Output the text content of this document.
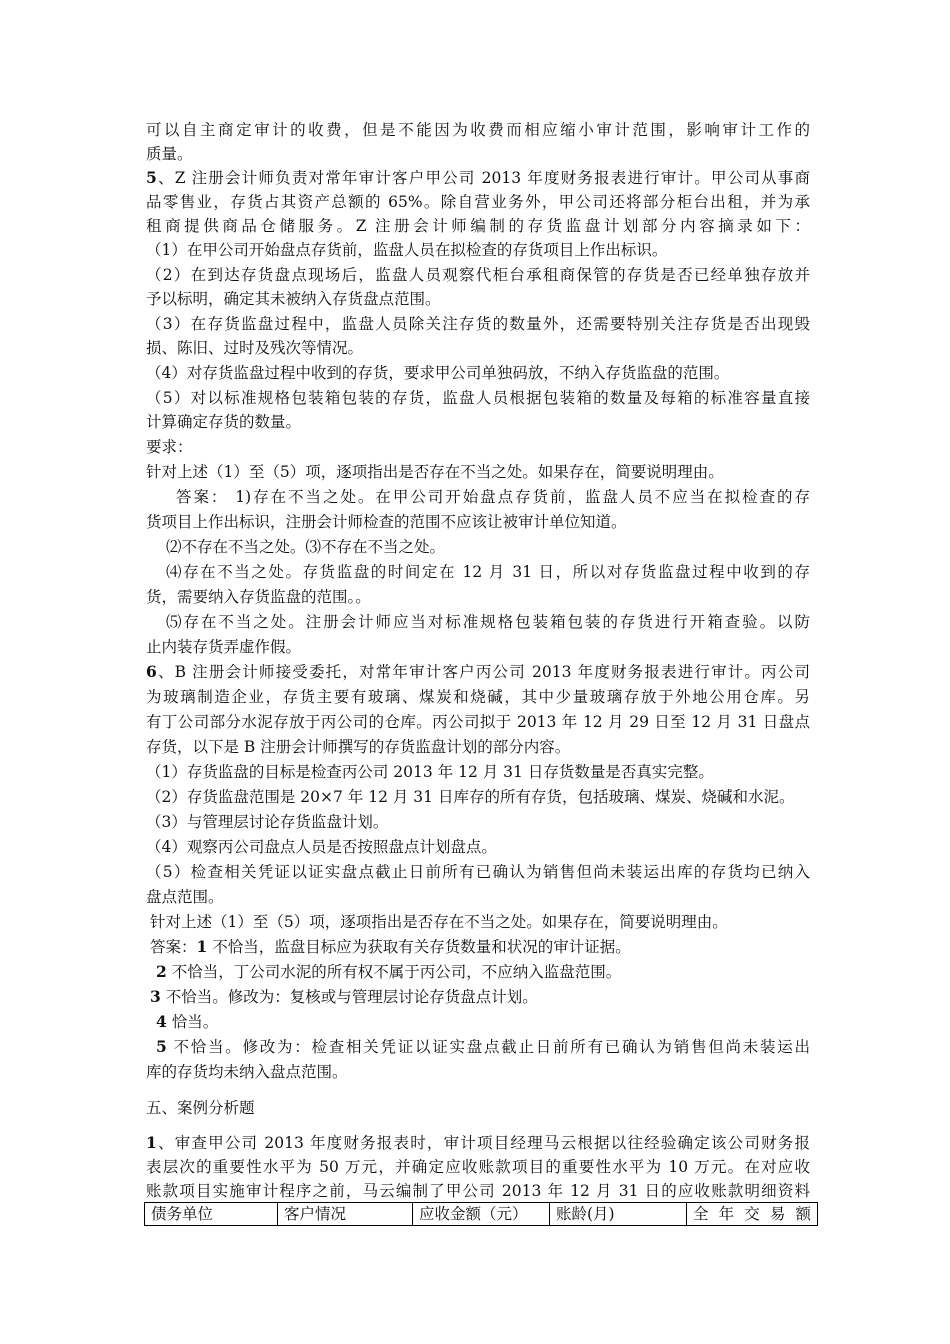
可以自主商定审计的收费，但是不能因为收费而相应缩小审计范围，影响审计工作的
质量。
5、Z 注册会计师负责对常年审计客户甲公司 2013 年度财务报表进行审计。甲公司从事商
品零售业，存货占其资产总额的 65%。除自营业务外，甲公司还将部分柜台出租，并为承
租商提供商品仓储服务。Z 注册会计师编制的存货监盘计划部分内容摘录如下：
（1）在甲公司开始盘点存货前，监盘人员在拟检查的存货项目上作出标识。
（2）在到达存货盘点现场后，监盘人员观察代柜台承租商保管的存货是否已经单独存放并
予以标明，确定其未被纳入存货盘点范围。
（3）在存货监盘过程中，监盘人员除关注存货的数量外，还需要特别关注存货是否出现毁
损、陈旧、过时及残次等情况。
（4）对存货监盘过程中收到的存货，要求甲公司单独码放，不纳入存货监盘的范围。
（5）对以标准规格包装箱包装的存货，监盘人员根据包装箱的数量及每箱的标准容量直接
计算确定存货的数量。
要求：
针对上述（1）至（5）项，逐项指出是否存在不当之处。如果存在，简要说明理由。
答案： 1)存在不当之处。在甲公司开始盘点存货前，监盘人员不应当在拟检查的存
货项目上作出标识，注册会计师检查的范围不应该让被审计单位知道。
⑵不存在不当之处。⑶不存在不当之处。
⑷存在不当之处。存货监盘的时间定在 12 月 31 日，所以对存货监盘过程中收到的存
货，需要纳入存货监盘的范围。。
⑸存在不当之处。注册会计师应当对标准规格包装箱包装的存货进行开箱查验。以防
止内装存货弄虚作假。
6、B 注册会计师接受委托，对常年审计客户丙公司 2013 年度财务报表进行审计。丙公司
为玻璃制造企业，存货主要有玻璃、煤炭和烧碱，其中少量玻璃存放于外地公用仓库。另
有丁公司部分水泥存放于丙公司的仓库。丙公司拟于 2013 年 12 月 29 日至 12 月 31 日盘点
存货，以下是 B 注册会计师撰写的存货监盘计划的部分内容。
（1）存货监盘的目标是检查丙公司 2013 年 12 月 31 日存货数量是否真实完整。
（2）存货监盘范围是 20×7 年 12 月 31 日库存的所有存货，包括玻璃、煤炭、烧碱和水泥。
（3）与管理层讨论存货监盘计划。
（4）观察丙公司盘点人员是否按照盘点计划盘点。
（5）检查相关凭证以证实盘点截止日前所有已确认为销售但尚未装运出库的存货均已纳入
盘点范围。
针对上述（1）至（5）项，逐项指出是否存在不当之处。如果存在，简要说明理由。
答案：1 不恰当，监盘目标应为获取有关存货数量和状况的审计证据。
2 不恰当，丁公司水泥的所有权不属于丙公司，不应纳入监盘范围。
3 不恰当。修改为：复核或与管理层讨论存货盘点计划。
4 恰当。
5 不恰当。修改为：检查相关凭证以证实盘点截止日前所有已确认为销售但尚未装运出
库的存货均未纳入盘点范围。
五、案例分析题
1、审查甲公司 2013 年度财务报表时，审计项目经理马云根据以往经验确定该公司财务报
表层次的重要性水平为 50 万元，并确定应收账款项目的重要性水平为 10 万元。在对应收
账款项目实施审计程序之前，马云编制了甲公司 2013 年 12 月 31 日的应收账款明细资料
债务单位	客户情况	应收金额（元）	账龄(月)	全 年 交 易 额
